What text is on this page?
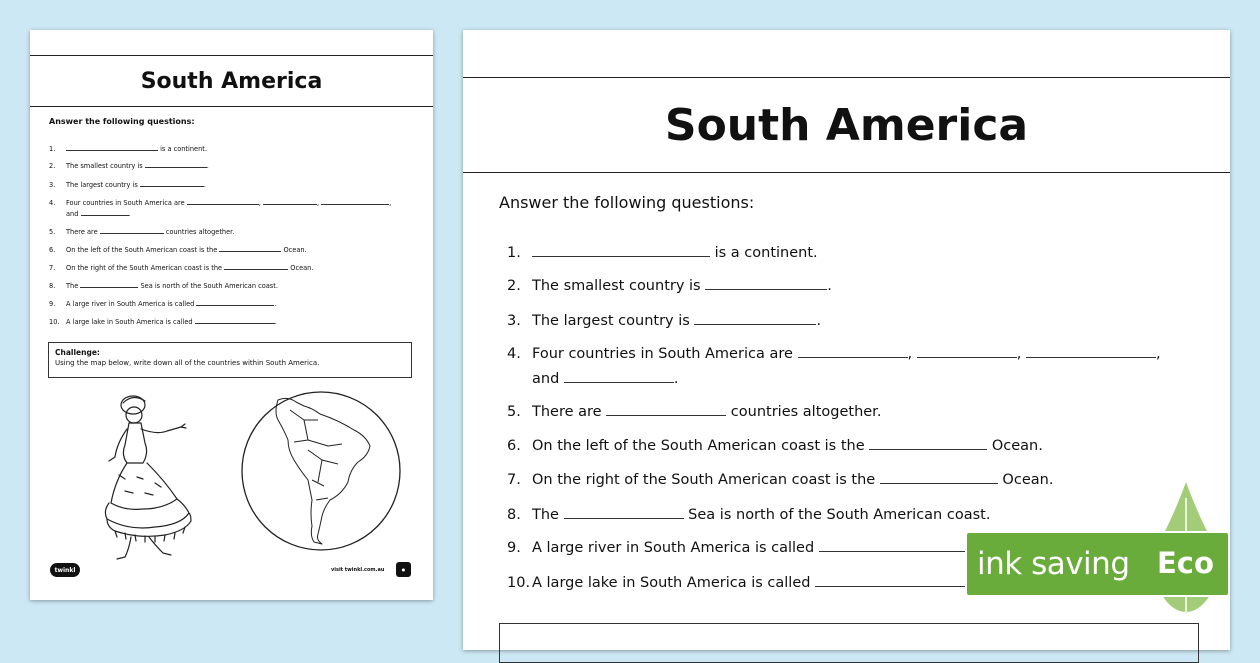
South America
Answer the following questions:
1.	is a continent.
2. The smallest country is	.
3. The largest country is	.
4. Four countries in South America are	,	,	,
and	.
5. There are	countries altogether.
6. On the left of the South American coast is the	Ocean.
7. On the right of the South American coast is the	Ocean.
8. The	Sea is north of the South American coast.
9. A large river in South America is called	.
10. A large lake in South America is called	.
Challenge:
Using the map below, write down all of the countries within South America.
twinkl	visit twinkl.com.au	●
South America
Answer the following questions:
1.	is a continent.
2. The smallest country is	.
3. The largest country is	.
4. Four countries in South America are	,	,	,
and	.
5. There are	countries altogether.
6. On the left of the South American coast is the	Ocean.
7. On the right of the South American coast is the	Ocean.
8. The	Sea is north of the South American coast.
9. A large river in South America is called
10. A large lake in South America is called
ink saving Eco
